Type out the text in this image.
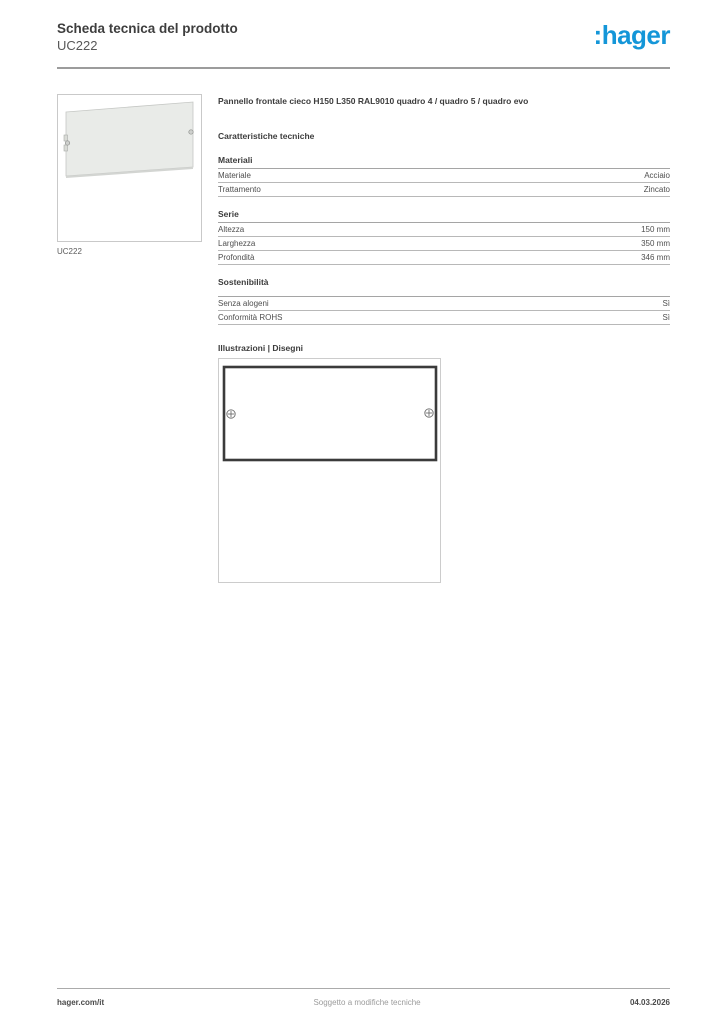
Scheda tecnica del prodotto
UC222	:hager
UC222
Pannello frontale cieco H150 L350 RAL9010 quadro 4 / quadro 5 / quadro evo
Caratteristiche tecniche
Materiali
Materiale	Acciaio
Trattamento	Zincato
Serie
Altezza	150 mm
Larghezza	350 mm
Profondità	346 mm
Sostenibilità
Senza alogeni	Sì
Conformità ROHS	Sì
Illustrazioni | Disegni
hager.com/it	Soggetto a modifiche tecniche	04.03.2026
